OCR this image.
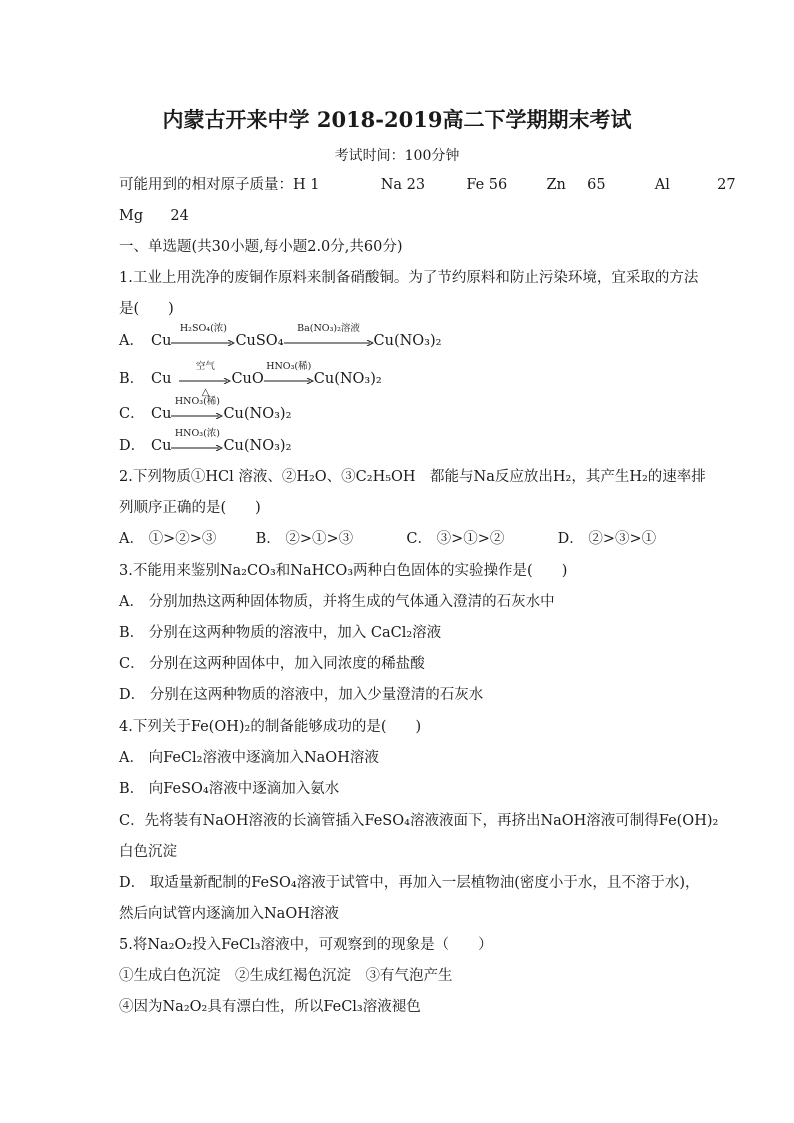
内蒙古开来中学 2018-2019高二下学期期末考试
考试时间：100分钟
可能用到的相对原子质量：H 1	Na 23	Fe 56	Zn 65	Al	27
Mg 24
一、单选题(共30小题,每小题2.0分,共60分)
1.工业上用洗净的废铜作原料来制备硝酸铜。为了节约原料和防止污染环境，宜采取的方法
是(　　)
A． Cu
H₂SO₄(浓)
CuSO₄
Ba(NO₃)₂溶液
Cu(NO₃)₂
B． Cu
空气
△
CuO
HNO₃(稀)
Cu(NO₃)₂
C． Cu
HNO₃(稀)
Cu(NO₃)₂
D． Cu
HNO₃(浓)
Cu(NO₃)₂
2.下列物质①HCl 溶液、②H₂O、③C₂H₅OH　都能与Na反应放出H₂，其产生H₂的速率排
列顺序正确的是(　　)
A． ①>②>③	B． ②>①>③	C． ③>①>②	D． ②>③>①
3.不能用来鉴别Na₂CO₃和NaHCO₃两种白色固体的实验操作是(　　)
A． 分别加热这两种固体物质，并将生成的气体通入澄清的石灰水中
B． 分别在这两种物质的溶液中，加入 CaCl₂溶液
C． 分别在这两种固体中，加入同浓度的稀盐酸
D． 分别在这两种物质的溶液中，加入少量澄清的石灰水
4.下列关于Fe(OH)₂的制备能够成功的是(　　)
A． 向FeCl₂溶液中逐滴加入NaOH溶液
B． 向FeSO₄溶液中逐滴加入氨水
C．先将装有NaOH溶液的长滴管插入FeSO₄溶液液面下，再挤出NaOH溶液可制得Fe(OH)₂
白色沉淀
D． 取适量新配制的FeSO₄溶液于试管中，再加入一层植物油(密度小于水，且不溶于水)，
然后向试管内逐滴加入NaOH溶液
5.将Na₂O₂投入FeCl₃溶液中，可观察到的现象是（　　）
①生成白色沉淀　②生成红褐色沉淀　③有气泡产生
④因为Na₂O₂具有漂白性，所以FeCl₃溶液褪色
